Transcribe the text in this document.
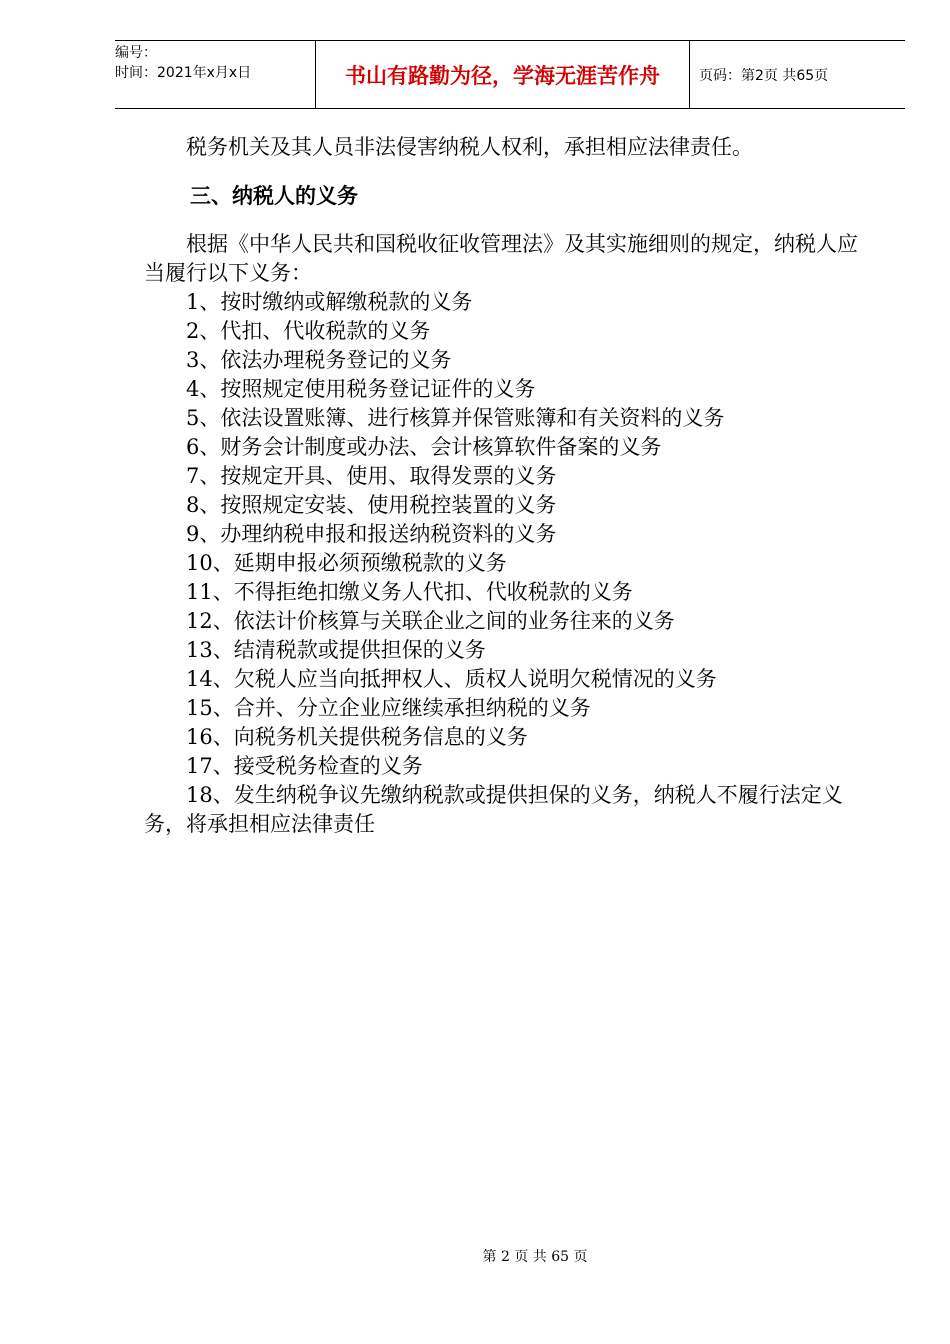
编号：
时间：2021年x月x日	书山有路勤为径，学海无涯苦作舟	页码：第2页 共65页

税务机关及其人员非法侵害纳税人权利，承担相应法律责任。

三、纳税人的义务

根据《中华人民共和国税收征收管理法》及其实施细则的规定，纳税人应当履行以下义务：

1、按时缴纳或解缴税款的义务
2、代扣、代收税款的义务
3、依法办理税务登记的义务
4、按照规定使用税务登记证件的义务
5、依法设置账簿、进行核算并保管账簿和有关资料的义务
6、财务会计制度或办法、会计核算软件备案的义务
7、按规定开具、使用、取得发票的义务
8、按照规定安装、使用税控装置的义务
9、办理纳税申报和报送纳税资料的义务
10、延期申报必须预缴税款的义务
11、不得拒绝扣缴义务人代扣、代收税款的义务
12、依法计价核算与关联企业之间的业务往来的义务
13、结清税款或提供担保的义务
14、欠税人应当向抵押权人、质权人说明欠税情况的义务
15、合并、分立企业应继续承担纳税的义务
16、向税务机关提供税务信息的义务
17、接受税务检查的义务
18、发生纳税争议先缴纳税款或提供担保的义务，纳税人不履行法定义务，将承担相应法律责任
第 2 页 共 65 页
